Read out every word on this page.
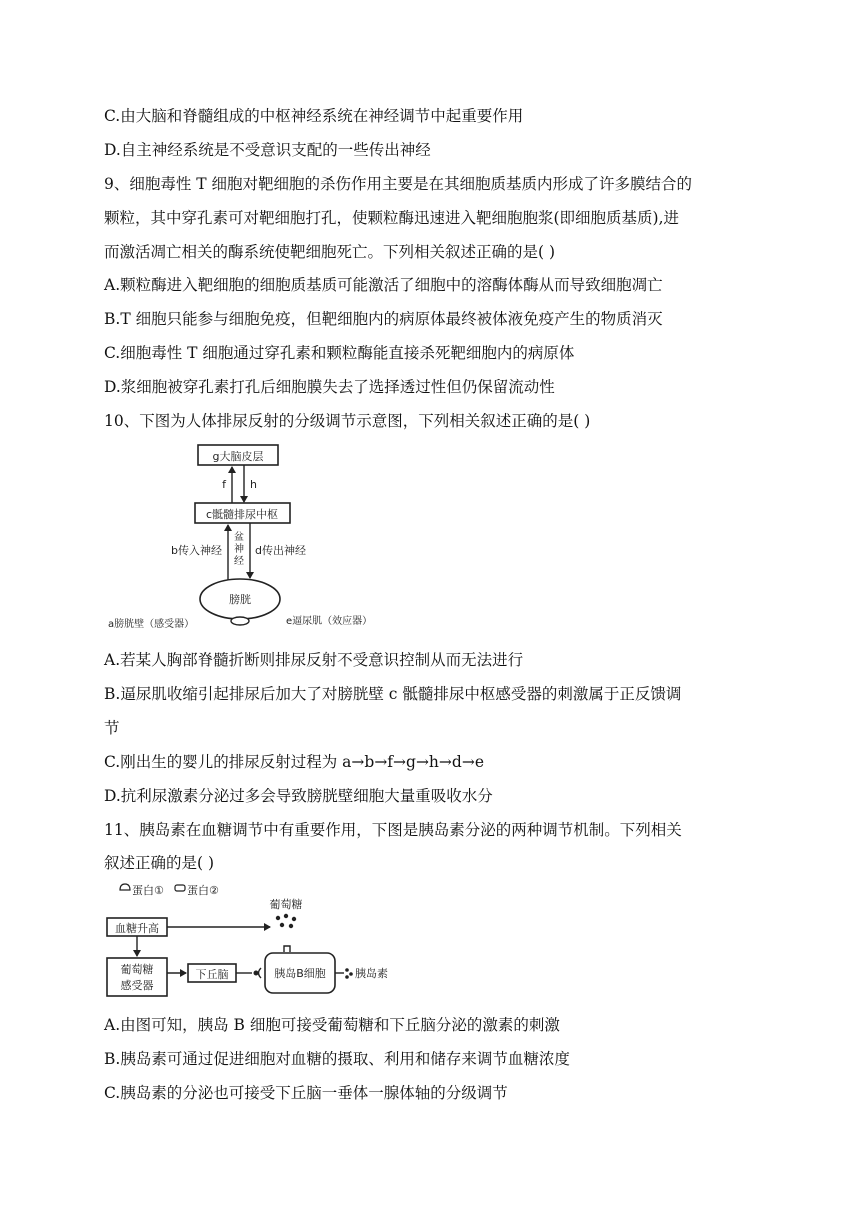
C.由大脑和脊髓组成的中枢神经系统在神经调节中起重要作用
D.自主神经系统是不受意识支配的一些传出神经
9、细胞毒性 T 细胞对靶细胞的杀伤作用主要是在其细胞质基质内形成了许多膜结合的
颗粒，其中穿孔素可对靶细胞打孔，使颗粒酶迅速进入靶细胞胞浆(即细胞质基质),进
而激活凋亡相关的酶系统使靶细胞死亡。下列相关叙述正确的是( )
A.颗粒酶进入靶细胞的细胞质基质可能激活了细胞中的溶酶体酶从而导致细胞凋亡
B.T 细胞只能参与细胞免疫，但靶细胞内的病原体最终被体液免疫产生的物质消灭
C.细胞毒性 T 细胞通过穿孔素和颗粒酶能直接杀死靶细胞内的病原体
D.浆细胞被穿孔素打孔后细胞膜失去了选择透过性但仍保留流动性
10、下图为人体排尿反射的分级调节示意图，下列相关叙述正确的是( )
A.若某人胸部脊髓折断则排尿反射不受意识控制从而无法进行
B.逼尿肌收缩引起排尿后加大了对膀胱壁 c 骶髓排尿中枢感受器的刺激属于正反馈调
节
C.刚出生的婴儿的排尿反射过程为 a→b→f→g→h→d→e
D.抗利尿激素分泌过多会导致膀胱壁细胞大量重吸收水分
11、胰岛素在血糖调节中有重要作用，下图是胰岛素分泌的两种调节机制。下列相关
叙述正确的是( )
A.由图可知，胰岛 B 细胞可接受葡萄糖和下丘脑分泌的激素的刺激
B.胰岛素可通过促进细胞对血糖的摄取、利用和储存来调节血糖浓度
C.胰岛素的分泌也可接受下丘脑一垂体一腺体轴的分级调节
g大脑皮层
f h
c骶髓排尿中枢
b传入神经
盆
神
经
d传出神经
膀胱
a膀胱壁（感受器）	e逼尿肌（效应器）
蛋白① 蛋白②
葡萄糖
血糖升高
葡萄糖
感受器
下丘脑	胰岛B细胞	胰岛素
